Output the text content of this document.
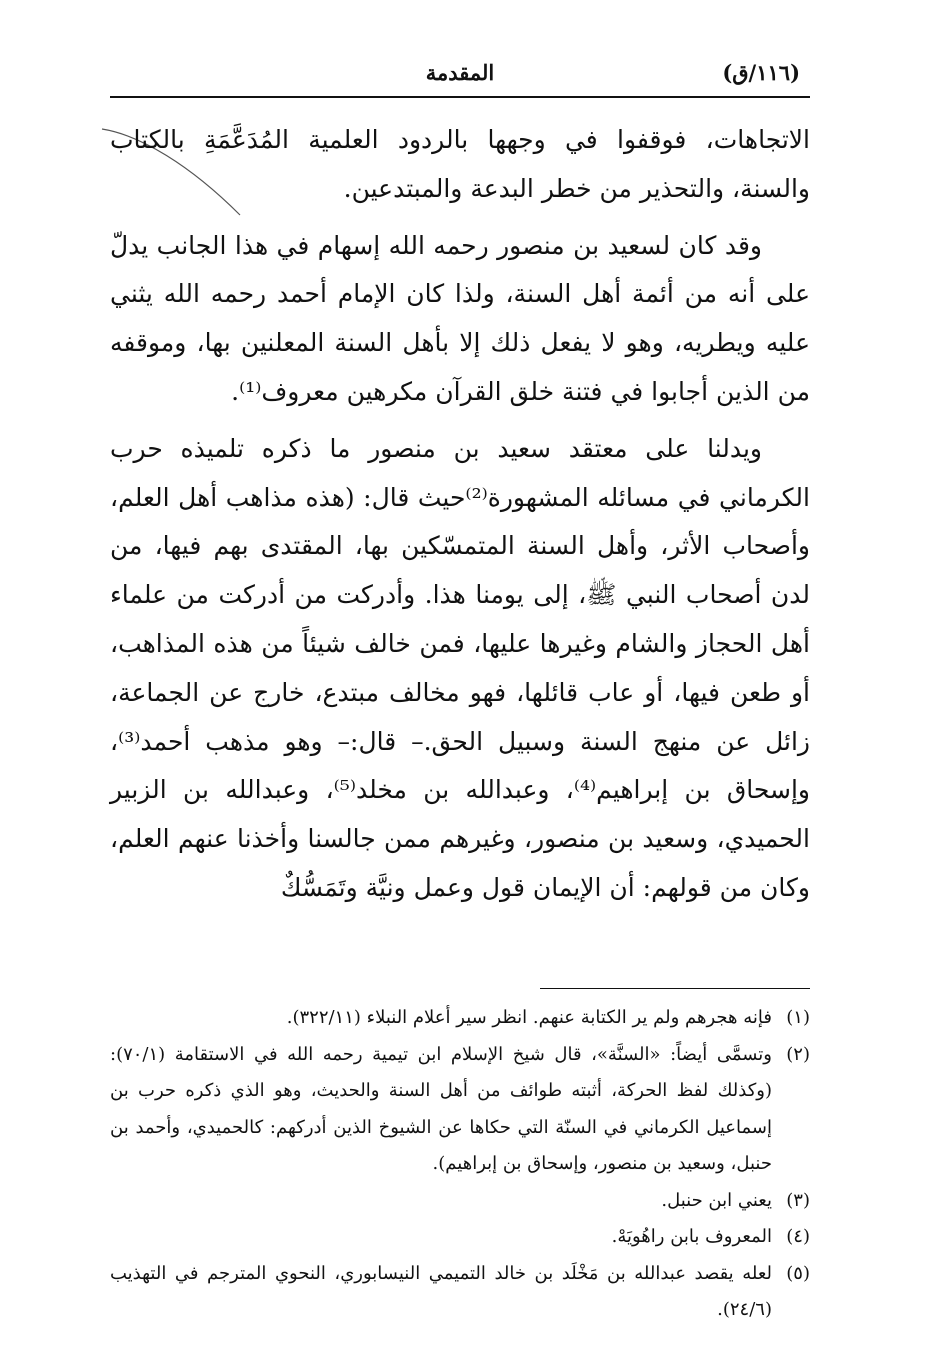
(١١٦/ق)
المقدمة

الاتجاهات، فوقفوا في وجهها بالردود العلمية المُدَعَّمَةِ بالكتاب والسنة، والتحذير من خطر البدعة والمبتدعين.

وقد كان لسعيد بن منصور رحمه الله إسهام في هذا الجانب يدلّ على أنه من أئمة أهل السنة، ولذا كان الإمام أحمد رحمه الله يثني عليه ويطريه، وهو لا يفعل ذلك إلا بأهل السنة المعلنين بها، وموقفه من الذين أجابوا في فتنة خلق القرآن مكرهين معروف⁽¹⁾.

ويدلنا على معتقد سعيد بن منصور ما ذكره تلميذه حرب الكرماني في مسائله المشهورة⁽²⁾حيث قال: (هذه مذاهب أهل العلم، وأصحاب الأثر، وأهل السنة المتمسّكين بها، المقتدى بهم فيها، من لدن أصحاب النبي ﷺ، إلى يومنا هذا. وأدركت من أدركت من علماء أهل الحجاز والشام وغيرها عليها، فمن خالف شيئاً من هذه المذاهب، أو طعن فيها، أو عاب قائلها، فهو مخالف مبتدع، خارج عن الجماعة، زائل عن منهج السنة وسبيل الحق.– قال:– وهو مذهب أحمد⁽³⁾، وإسحاق بن إبراهيم⁽⁴⁾، وعبدالله بن مخلد⁽⁵⁾، وعبدالله بن الزبير الحميدي، وسعيد بن منصور، وغيرهم ممن جالسنا وأخذنا عنهم العلم، وكان من قولهم: أن الإيمان قول وعمل ونيَّة وتَمَسُّكٌ

(١)
فإنه هجرهم ولم ير الكتابة عنهم. انظر سير أعلام النبلاء (٣٢٢/١١).

(٢)
وتسمَّى أيضاً: «السنَّة»، قال شيخ الإسلام ابن تيمية رحمه الله في الاستقامة (٧٠/١): (وكذلك لفظ الحركة، أثبته طوائف من أهل السنة والحديث، وهو الذي ذكره حرب بن إسماعيل الكرماني في السنّة التي حكاها عن الشيوخ الذين أدركهم: كالحميدي، وأحمد بن حنبل، وسعيد بن منصور، وإسحاق بن إبراهيم).

(٣)
يعني ابن حنبل.

(٤)
المعروف بابن راهُويَهْ.

(٥)
لعله يقصد عبدالله بن مَخْلَد بن خالد التميمي النيسابوري، النحوي المترجم في التهذيب (٢٤/٦).
